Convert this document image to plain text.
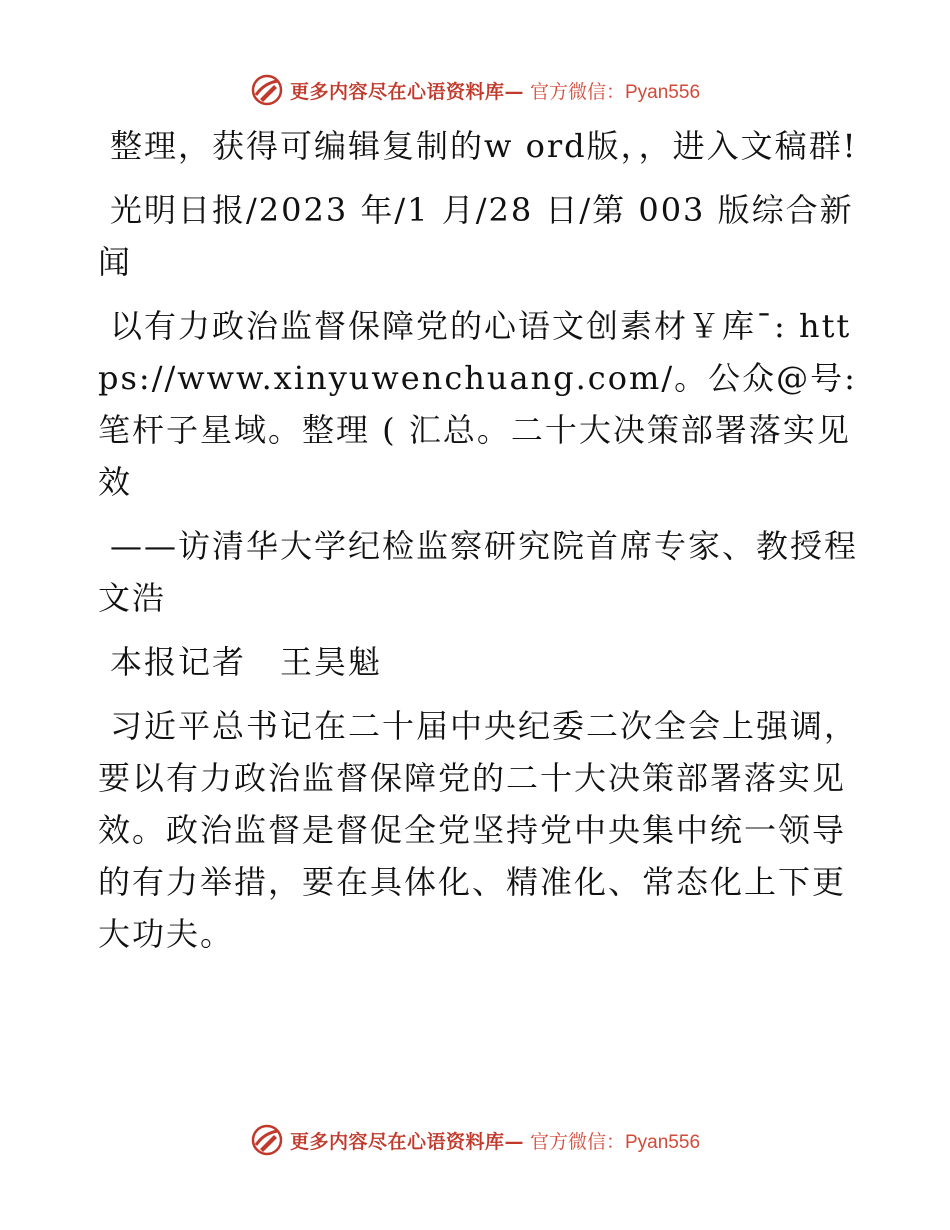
更多内容尽在心语资料库— 官方微信：Pyan556

整理，获得可编辑复制的w ord版，，进入文稿群!

光明日报/2023 年/1 月/28 日/第 003 版综合新闻

以有力政治监督保障党的心语文创素材￥库¯: https://www.xinyuwenchuang.com/。公众@号: 笔杆子星域。整理 ( 汇总。二十大决策部署落实见效

——访清华大学纪检监察研究院首席专家、教授程文浩

本报记者　王昊魁

习近平总书记在二十届中央纪委二次全会上强调，要以有力政治监督保障党的二十大决策部署落实见效。政治监督是督促全党坚持党中央集中统一领导的有力举措，要在具体化、精准化、常态化上下更大功夫。

更多内容尽在心语资料库— 官方微信：Pyan556
